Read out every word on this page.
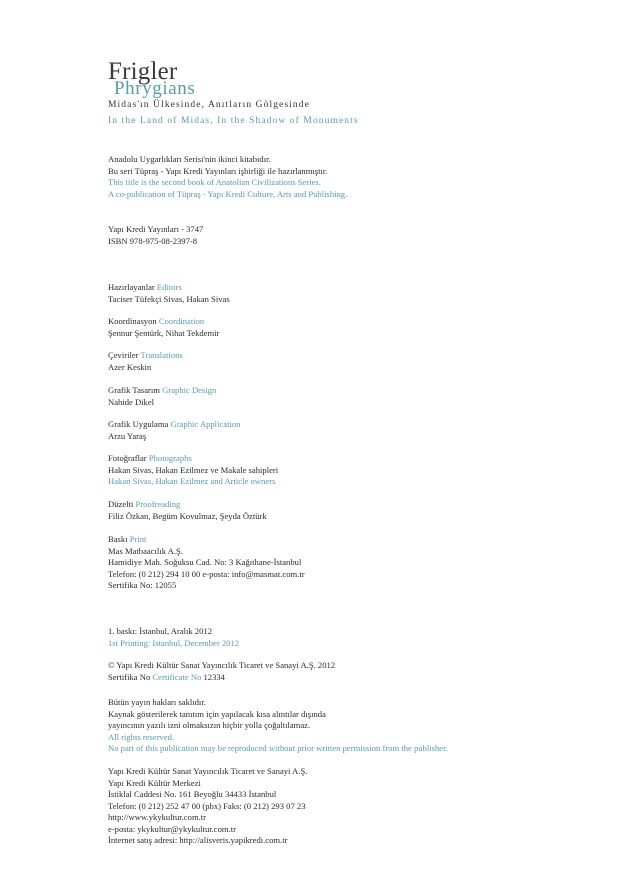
Frigler
Phrygians
Midas'ın Ülkesinde, Anıtların Gölgesinde
In the Land of Midas, In the Shadow of Monuments
Anadolu Uygarlıkları Serisi'nin ikinci kitabıdır.
Bu seri Tüpraş - Yapı Kredi Yayınları işbirliği ile hazırlanmıştır.
This title is the second book of Anatolian Civilizations Series.
A co-publication of Tüpraş - Yapı Kredi Culture, Arts and Publishing.
Yapı Kredi Yayınları - 3747
ISBN 978-975-08-2397-8
Hazırlayanlar Editors
Taciser Tüfekçi Sivas, Hakan Sivas
Koordinasyon Coordination
Şennur Şentürk, Nihat Tekdemir
Çeviriler Translations
Azer Keskin
Grafik Tasarım Graphic Design
Nahide Dikel
Grafik Uygulama Graphic Application
Arzu Yaraş
Fotoğraflar Photographs
Hakan Sivas, Hakan Ezilmez ve Makale sahipleri
Hakan Sivas, Hakan Ezilmez and Article owners
Düzelti Proofreading
Filiz Özkan, Begüm Kovulmaz, Şeyda Öztürk
Baskı Print
Mas Matbaacılık A.Ş.
Hamidiye Mah. Soğuksu Cad. No: 3 Kağıthane-İstanbul
Telefon: (0 212) 294 10 00 e-posta: info@masmat.com.tr
Sertifika No: 12055
1. baskı: İstanbul, Aralık 2012
1st Printing: Istanbul, December 2012
© Yapı Kredi Kültür Sanat Yayıncılık Ticaret ve Sanayi A.Ş. 2012
Sertifika No Certificate No 12334
Bütün yayın hakları saklıdır.
Kaynak gösterilerek tanıtım için yapılacak kısa alıntılar dışında
yayıncının yazılı izni olmaksızın hiçbir yolla çoğaltılamaz.
All rights reserved.
No part of this publication may be reproduced without prior written permission from the publisher.
Yapı Kredi Kültür Sanat Yayıncılık Ticaret ve Sanayi A.Ş.
Yapı Kredi Kültür Merkezi
İstiklal Caddesi No. 161 Beyoğlu 34433 İstanbul
Telefon: (0 212) 252 47 00 (pbx) Faks: (0 212) 293 07 23
http://www.ykykultur.com.tr
e-posta: ykykultur@ykykultur.com.tr
İnternet satış adresi: http://alisveris.yapikredi.com.tr
